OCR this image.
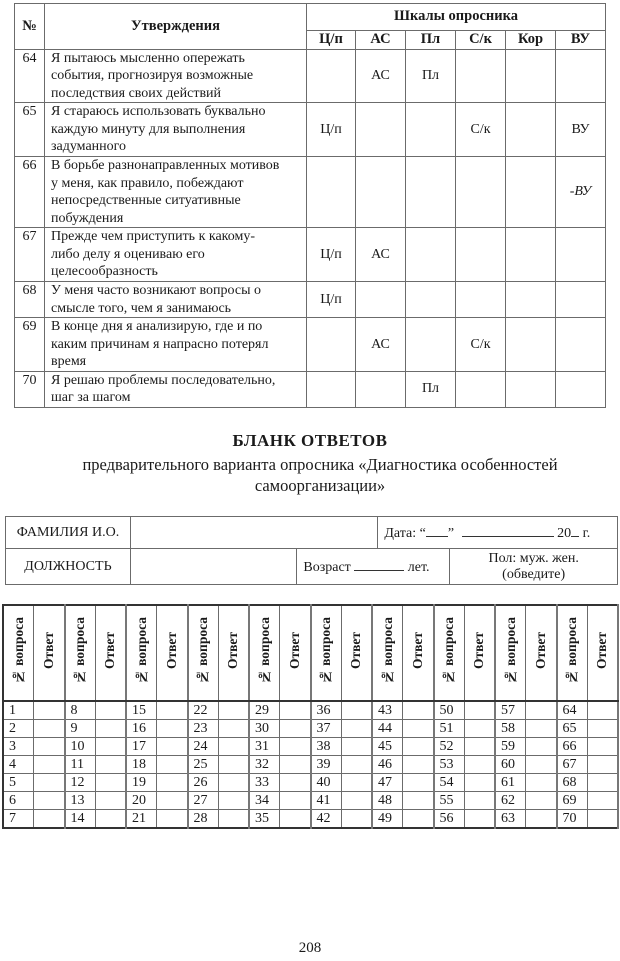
№	Утверждения	Шкалы опросника					
		Ц/п	АС	Пл	С/к	Кор	ВУ
64	Я пытаюсь мысленно опережать
события, прогнозируя возможные
последствия своих действий		АС	Пл			
65	Я стараюсь использовать буквально
каждую минуту для выполнения
задуманного	Ц/п			С/к		ВУ
66	В борьбе разнонаправленных мотивов
у меня, как правило, побеждают
непосредственные ситуативные
побуждения						-ВУ
67	Прежде чем приступить к какому-
либо делу я оцениваю его
целесообразность	Ц/п	АС				
68	У меня часто возникают вопросы о
смысле того, чем я занимаюсь	Ц/п					
69	В конце дня я анализирую, где и по
каким причинам я напрасно потерял
время		АС		С/к		
70	Я решаю проблемы последовательно,
шаг за шагом			Пл			
БЛАНК ОТВЕТОВ
предварительного варианта опросника «Диагностика особенностей самоорганизации»
ФАМИЛИЯ И.О.			Дата: “ ” 20 г.	
ДОЛЖНОСТЬ		Возраст лет.		Пол: муж. жен.
(обведите)
№ вопроса	Ответ	№ вопроса	Ответ	№ вопроса	Ответ	№ вопроса	Ответ	№ вопроса	Ответ	№ вопроса	Ответ	№ вопроса	Ответ	№ вопроса	Ответ	№ вопроса	Ответ	№ вопроса	Ответ
1		8		15		22		29		36		43		50		57		64	
2		9		16		23		30		37		44		51		58		65	
3		10		17		24		31		38		45		52		59		66	
4		11		18		25		32		39		46		53		60		67	
5		12		19		26		33		40		47		54		61		68	
6		13		20		27		34		41		48		55		62		69	
7		14		21		28		35		42		49		56		63		70	
208
